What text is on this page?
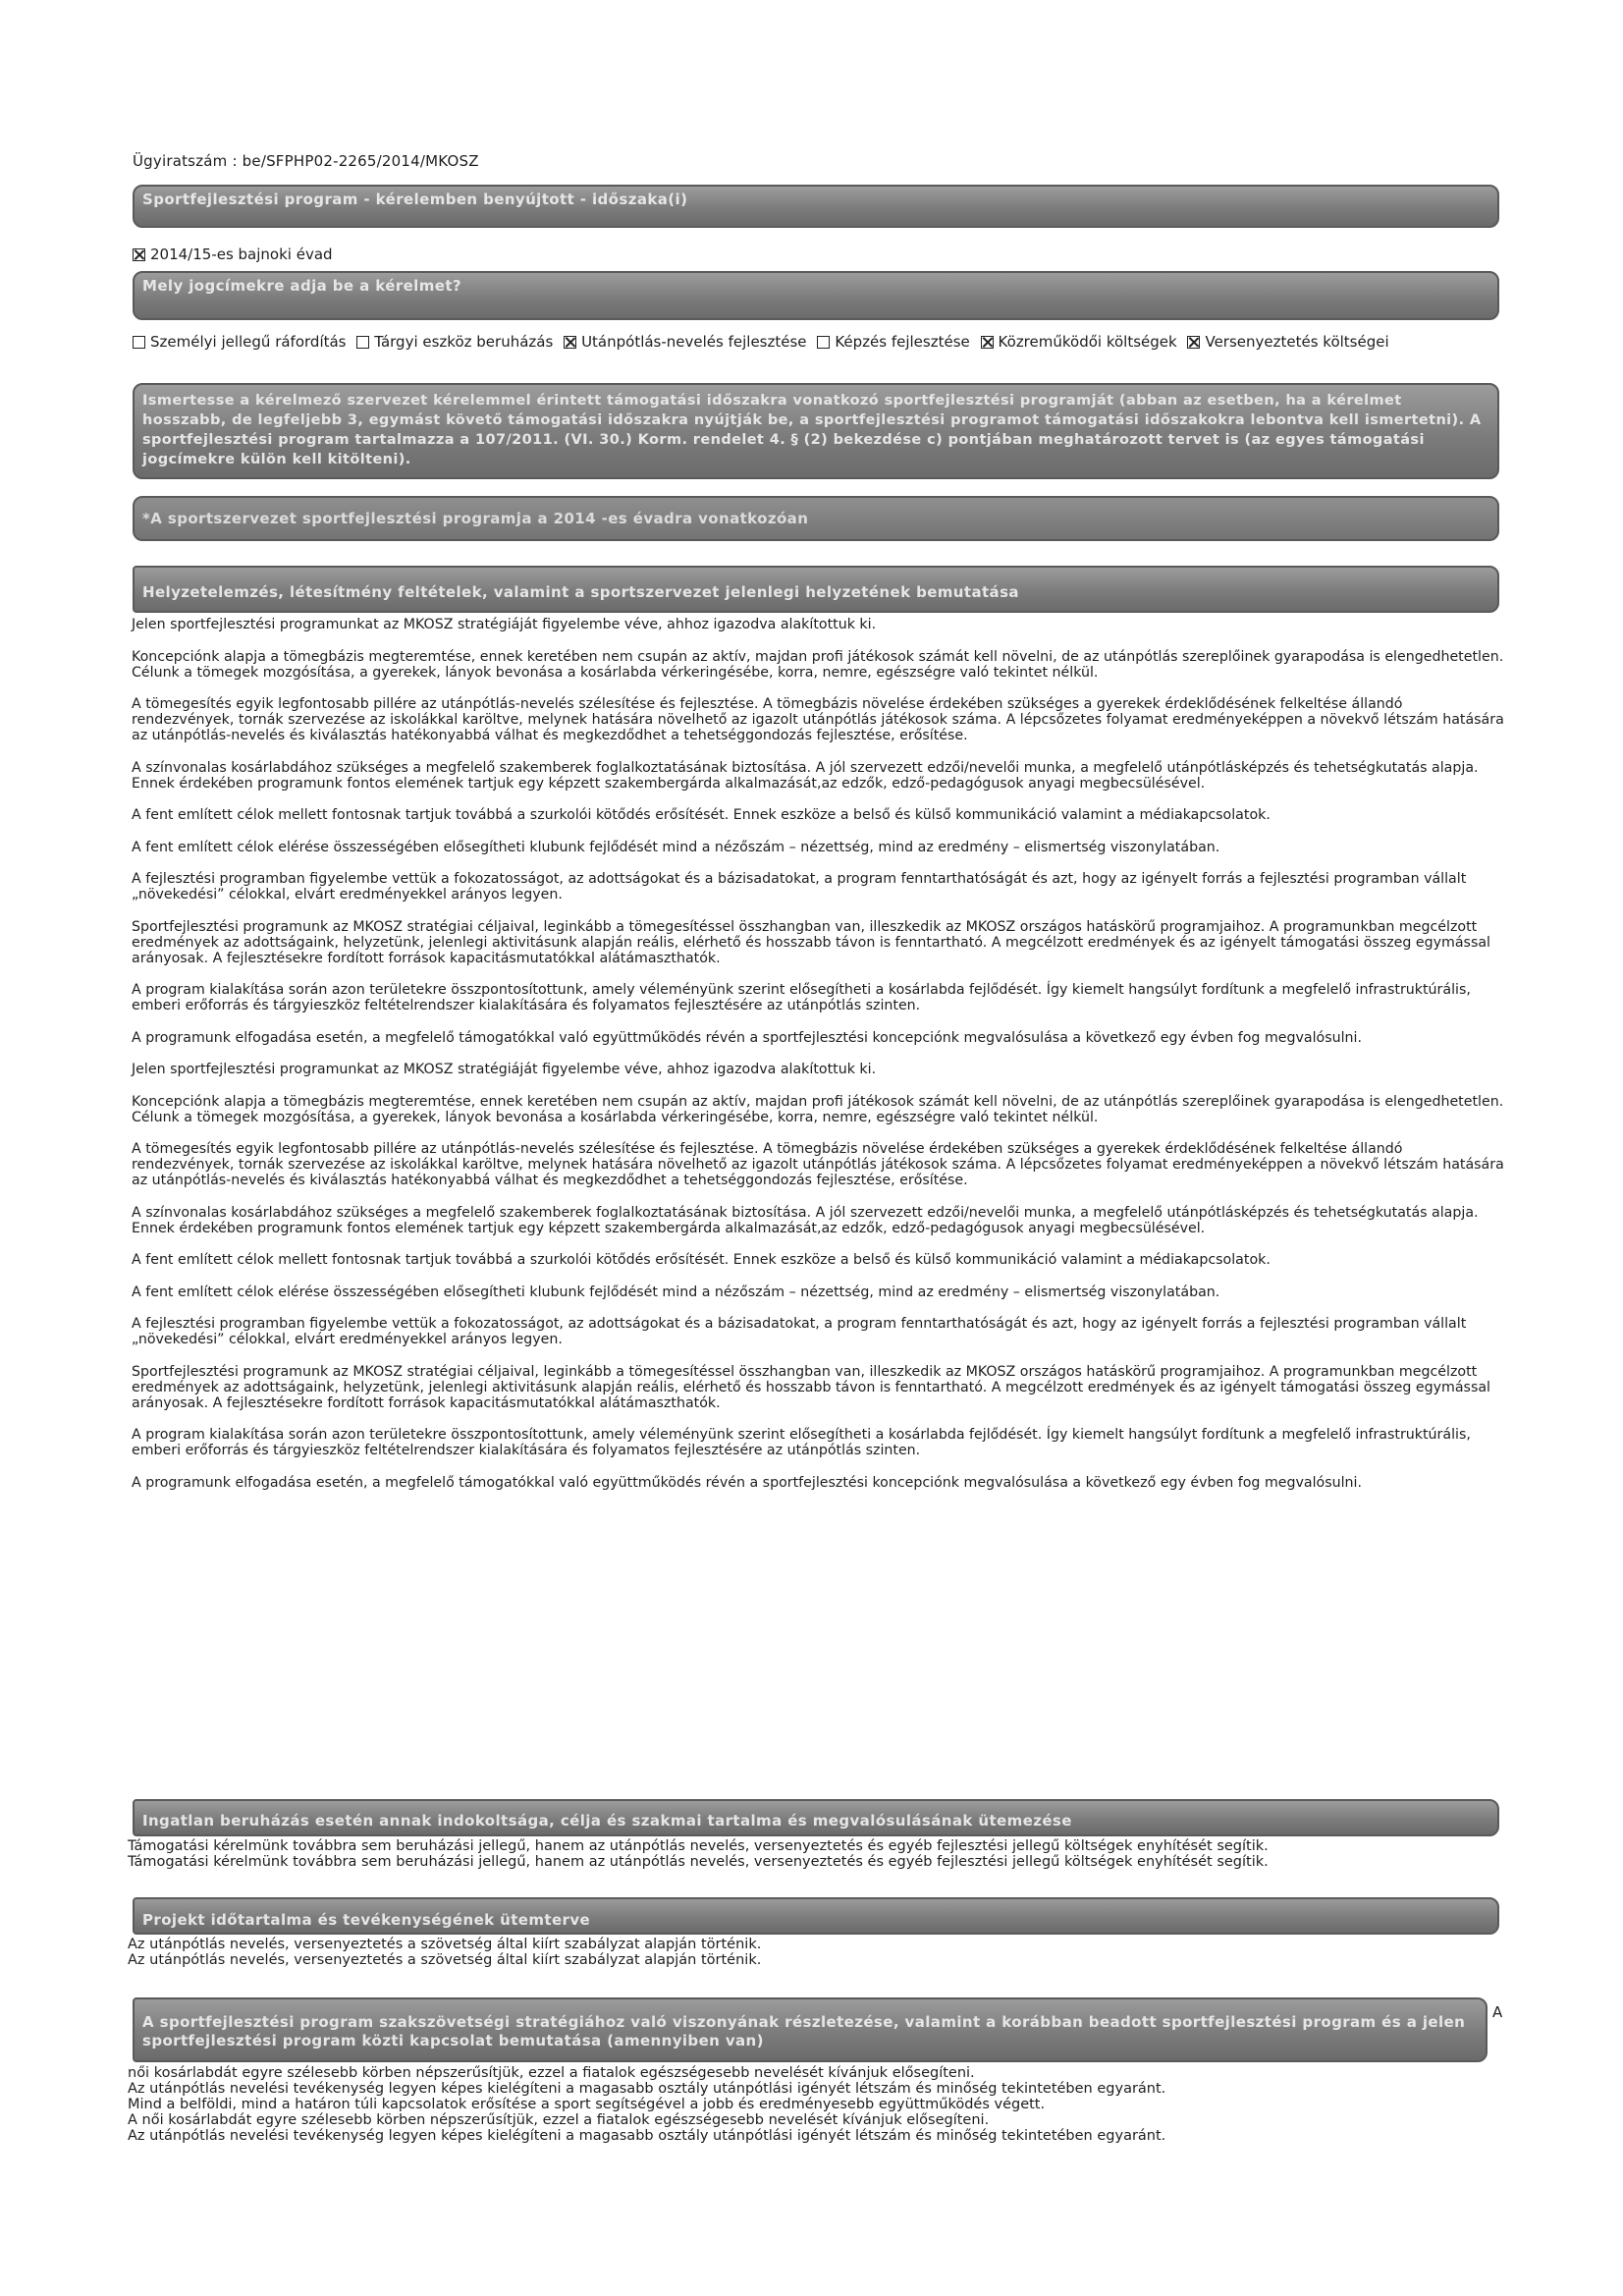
Ügyiratszám : be/SFPHP02-2265/2014/MKOSZ
Sportfejlesztési program - kérelemben benyújtott - időszaka(i)
2014/15-es bajnoki évad
Mely jogcímekre adja be a kérelmet?
Személyi jellegű ráfordítás Tárgyi eszköz beruházás Utánpótlás-nevelés fejlesztése Képzés fejlesztése Közreműködői költségek Versenyeztetés költségei
Ismertesse a kérelmező szervezet kérelemmel érintett támogatási időszakra vonatkozó sportfejlesztési programját (abban az esetben, ha a kérelmet hosszabb, de legfeljebb 3, egymást követő támogatási időszakra nyújtják be, a sportfejlesztési programot támogatási időszakokra lebontva kell ismertetni). A sportfejlesztési program tartalmazza a 107/2011. (VI. 30.) Korm. rendelet 4. § (2) bekezdése c) pontjában meghatározott tervet is (az egyes támogatási jogcímekre külön kell kitölteni).
*A sportszervezet sportfejlesztési programja a 2014 -es évadra vonatkozóan
Helyzetelemzés, létesítmény feltételek, valamint a sportszervezet jelenlegi helyzetének bemutatása

Jelen sportfejlesztési programunkat az MKOSZ stratégiáját figyelembe véve, ahhoz igazodva alakítottuk ki.

Koncepciónk alapja a tömegbázis megteremtése, ennek keretében nem csupán az aktív, majdan profi játékosok számát kell növelni, de az utánpótlás szereplőinek gyarapodása is elengedhetetlen. Célunk a tömegek mozgósítása, a gyerekek, lányok bevonása a kosárlabda vérkeringésébe, korra, nemre, egészségre való tekintet nélkül.

A tömegesítés egyik legfontosabb pillére az utánpótlás-nevelés szélesítése és fejlesztése. A tömegbázis növelése érdekében szükséges a gyerekek érdeklődésének felkeltése állandó rendezvények, tornák szervezése az iskolákkal karöltve, melynek hatására növelhető az igazolt utánpótlás játékosok száma. A lépcsőzetes folyamat eredményeképpen a növekvő létszám hatására az utánpótlás-nevelés és kiválasztás hatékonyabbá válhat és megkezdődhet a tehetséggondozás fejlesztése, erősítése.

A színvonalas kosárlabdához szükséges a megfelelő szakemberek foglalkoztatásának biztosítása. A jól szervezett edzői/nevelői munka, a megfelelő utánpótlásképzés és tehetségkutatás alapja. Ennek érdekében programunk fontos elemének tartjuk egy képzett szakembergárda alkalmazását,az edzők, edző-pedagógusok anyagi megbecsülésével.

A fent említett célok mellett fontosnak tartjuk továbbá a szurkolói kötődés erősítését. Ennek eszköze a belső és külső kommunikáció valamint a médiakapcsolatok.

A fent említett célok elérése összességében elősegítheti klubunk fejlődését mind a nézőszám – nézettség, mind az eredmény – elismertség viszonylatában.

A fejlesztési programban figyelembe vettük a fokozatosságot, az adottságokat és a bázisadatokat, a program fenntarthatóságát és azt, hogy az igényelt forrás a fejlesztési programban vállalt „növekedési” célokkal, elvárt eredményekkel arányos legyen.

Sportfejlesztési programunk az MKOSZ stratégiai céljaival, leginkább a tömegesítéssel összhangban van, illeszkedik az MKOSZ országos hatáskörű programjaihoz. A programunkban megcélzott eredmények az adottságaink, helyzetünk, jelenlegi aktivitásunk alapján reális, elérhető és hosszabb távon is fenntartható. A megcélzott eredmények és az igényelt támogatási összeg egymással arányosak. A fejlesztésekre fordított források kapacitásmutatókkal alátámaszthatók.

A program kialakítása során azon területekre összpontosítottunk, amely véleményünk szerint elősegítheti a kosárlabda fejlődését. Így kiemelt hangsúlyt fordítunk a megfelelő infrastruktúrális, emberi erőforrás és tárgyieszköz feltételrendszer kialakítására és folyamatos fejlesztésére az utánpótlás szinten.

A programunk elfogadása esetén, a megfelelő támogatókkal való együttműködés révén a sportfejlesztési koncepciónk megvalósulása a következő egy évben fog megvalósulni.

Jelen sportfejlesztési programunkat az MKOSZ stratégiáját figyelembe véve, ahhoz igazodva alakítottuk ki.

Koncepciónk alapja a tömegbázis megteremtése, ennek keretében nem csupán az aktív, majdan profi játékosok számát kell növelni, de az utánpótlás szereplőinek gyarapodása is elengedhetetlen. Célunk a tömegek mozgósítása, a gyerekek, lányok bevonása a kosárlabda vérkeringésébe, korra, nemre, egészségre való tekintet nélkül.

A tömegesítés egyik legfontosabb pillére az utánpótlás-nevelés szélesítése és fejlesztése. A tömegbázis növelése érdekében szükséges a gyerekek érdeklődésének felkeltése állandó rendezvények, tornák szervezése az iskolákkal karöltve, melynek hatására növelhető az igazolt utánpótlás játékosok száma. A lépcsőzetes folyamat eredményeképpen a növekvő létszám hatására az utánpótlás-nevelés és kiválasztás hatékonyabbá válhat és megkezdődhet a tehetséggondozás fejlesztése, erősítése.

A színvonalas kosárlabdához szükséges a megfelelő szakemberek foglalkoztatásának biztosítása. A jól szervezett edzői/nevelői munka, a megfelelő utánpótlásképzés és tehetségkutatás alapja. Ennek érdekében programunk fontos elemének tartjuk egy képzett szakembergárda alkalmazását,az edzők, edző-pedagógusok anyagi megbecsülésével.

A fent említett célok mellett fontosnak tartjuk továbbá a szurkolói kötődés erősítését. Ennek eszköze a belső és külső kommunikáció valamint a médiakapcsolatok.

A fent említett célok elérése összességében elősegítheti klubunk fejlődését mind a nézőszám – nézettség, mind az eredmény – elismertség viszonylatában.

A fejlesztési programban figyelembe vettük a fokozatosságot, az adottságokat és a bázisadatokat, a program fenntarthatóságát és azt, hogy az igényelt forrás a fejlesztési programban vállalt „növekedési” célokkal, elvárt eredményekkel arányos legyen.

Sportfejlesztési programunk az MKOSZ stratégiai céljaival, leginkább a tömegesítéssel összhangban van, illeszkedik az MKOSZ országos hatáskörű programjaihoz. A programunkban megcélzott eredmények az adottságaink, helyzetünk, jelenlegi aktivitásunk alapján reális, elérhető és hosszabb távon is fenntartható. A megcélzott eredmények és az igényelt támogatási összeg egymással arányosak. A fejlesztésekre fordított források kapacitásmutatókkal alátámaszthatók.

A program kialakítása során azon területekre összpontosítottunk, amely véleményünk szerint elősegítheti a kosárlabda fejlődését. Így kiemelt hangsúlyt fordítunk a megfelelő infrastruktúrális, emberi erőforrás és tárgyieszköz feltételrendszer kialakítására és folyamatos fejlesztésére az utánpótlás szinten.

A programunk elfogadása esetén, a megfelelő támogatókkal való együttműködés révén a sportfejlesztési koncepciónk megvalósulása a következő egy évben fog megvalósulni.

Ingatlan beruházás esetén annak indokoltsága, célja és szakmai tartalma és megvalósulásának ütemezése
Támogatási kérelmünk továbbra sem beruházási jellegű, hanem az utánpótlás nevelés, versenyeztetés és egyéb fejlesztési jellegű költségek enyhítését segítik.
Támogatási kérelmünk továbbra sem beruházási jellegű, hanem az utánpótlás nevelés, versenyeztetés és egyéb fejlesztési jellegű költségek enyhítését segítik.
Projekt időtartalma és tevékenységének ütemterve
Az utánpótlás nevelés, versenyeztetés a szövetség által kiírt szabályzat alapján történik.
Az utánpótlás nevelés, versenyeztetés a szövetség által kiírt szabályzat alapján történik.
A sportfejlesztési program szakszövetségi stratégiához való viszonyának részletezése, valamint a korábban beadott sportfejlesztési program és a jelen sportfejlesztési program közti kapcsolat bemutatása (amennyiben van)
A
női kosárlabdát egyre szélesebb körben népszerűsítjük, ezzel a fiatalok egészségesebb nevelését kívánjuk elősegíteni.
Az utánpótlás nevelési tevékenység legyen képes kielégíteni a magasabb osztály utánpótlási igényét létszám és minőség tekintetében egyaránt.
Mind a belföldi, mind a határon túli kapcsolatok erősítése a sport segítségével a jobb és eredményesebb együttműködés végett.
A női kosárlabdát egyre szélesebb körben népszerűsítjük, ezzel a fiatalok egészségesebb nevelését kívánjuk elősegíteni.
Az utánpótlás nevelési tevékenység legyen képes kielégíteni a magasabb osztály utánpótlási igényét létszám és minőség tekintetében egyaránt.
